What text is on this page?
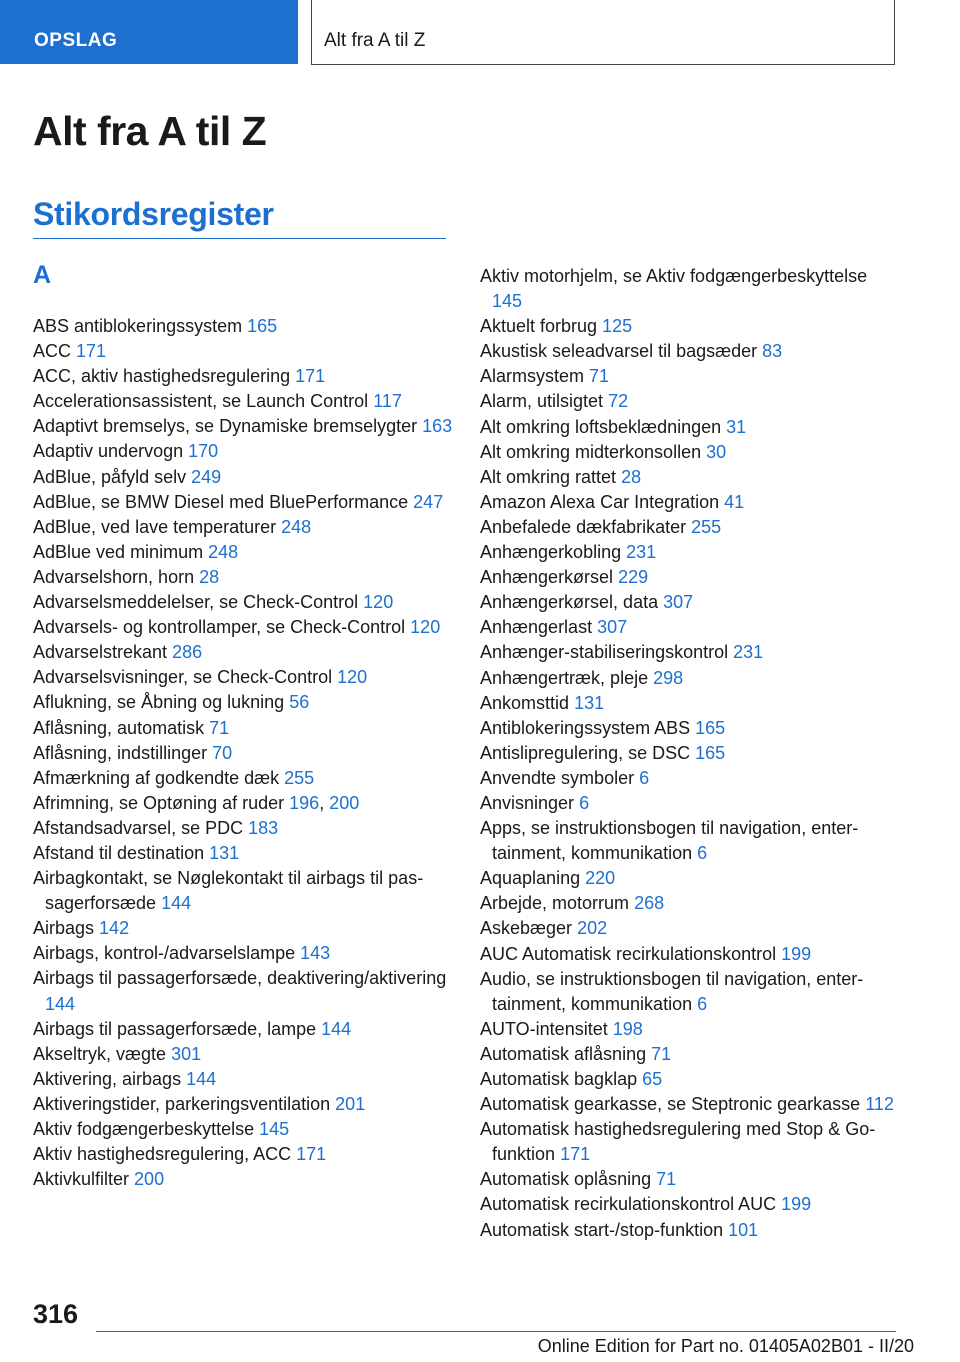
OPSLAG	Alt fra A til Z
Alt fra A til Z
Stikordsregister
A
ABS antiblokeringssystem 165
ACC 171
ACC, aktiv hastighedsregulering 171
Accelerationsassistent, se Launch Control 117
Adaptivt bremselys, se Dynamiske bremselygter 163
Adaptiv undervogn 170
AdBlue, påfyld selv 249
AdBlue, se BMW Diesel med BluePerformance 247
AdBlue, ved lave temperaturer 248
AdBlue ved minimum 248
Advarselshorn, horn 28
Advarselsmeddelelser, se Check-Control 120
Advarsels- og kontrollamper, se Check-Control 120
Advarselstrekant 286
Advarselsvisninger, se Check-Control 120
Aflukning, se Åbning og lukning 56
Aflåsning, automatisk 71
Aflåsning, indstillinger 70
Afmærkning af godkendte dæk 255
Afrimning, se Optøning af ruder 196, 200
Afstandsadvarsel, se PDC 183
Afstand til destination 131
Airbagkontakt, se Nøglekontakt til airbags til passagerforsæde 144
Airbags 142
Airbags, kontrol-/advarselslampe 143
Airbags til passagerforsæde, deaktivering/aktivering 144
Airbags til passagerforsæde, lampe 144
Akseltryk, vægte 301
Aktivering, airbags 144
Aktiveringstider, parkeringsventilation 201
Aktiv fodgængerbeskyttelse 145
Aktiv hastighedsregulering, ACC 171
Aktivkulfilter 200
Aktiv motorhjelm, se Aktiv fodgængerbeskyttelse 145
Aktuelt forbrug 125
Akustisk seleadvarsel til bagsæder 83
Alarmsystem 71
Alarm, utilsigtet 72
Alt omkring loftsbeklædningen 31
Alt omkring midterkonsollen 30
Alt omkring rattet 28
Amazon Alexa Car Integration 41
Anbefalede dækfabrikater 255
Anhængerkobling 231
Anhængerkørsel 229
Anhængerkørsel, data 307
Anhængerlast 307
Anhænger-stabiliseringskontrol 231
Anhængertræk, pleje 298
Ankomsttid 131
Antiblokeringssystem ABS 165
Antislipregulering, se DSC 165
Anvendte symboler 6
Anvisninger 6
Apps, se instruktionsbogen til navigation, entertainment, kommunikation 6
Aquaplaning 220
Arbejde, motorrum 268
Askebæger 202
AUC Automatisk recirkulationskontrol 199
Audio, se instruktionsbogen til navigation, entertainment, kommunikation 6
AUTO-intensitet 198
Automatisk aflåsning 71
Automatisk bagklap 65
Automatisk gearkasse, se Steptronic gearkasse 112
Automatisk hastighedsregulering med Stop & Go-funktion 171
Automatisk oplåsning 71
Automatisk recirkulationskontrol AUC 199
Automatisk start-/stop-funktion 101
316
Online Edition for Part no. 01405A02B01 - II/20
